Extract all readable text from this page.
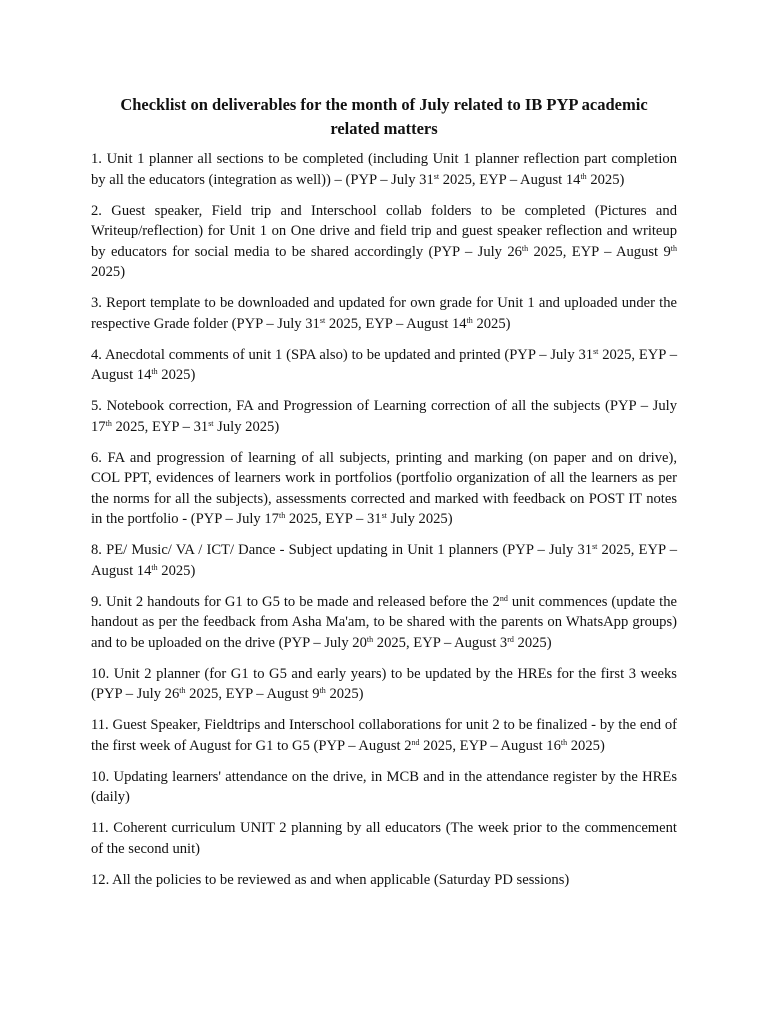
Checklist on deliverables for the month of July related to IB PYP academic
related matters

1. Unit 1 planner all sections to be completed (including Unit 1 planner reflection part completion by all the educators (integration as well)) – (PYP – July 31st 2025, EYP – August 14th 2025)

2. Guest speaker, Field trip and Interschool collab folders to be completed (Pictures and Writeup/reflection) for Unit 1 on One drive and field trip and guest speaker reflection and writeup by educators for social media to be shared accordingly (PYP – July 26th 2025, EYP – August 9th 2025)

3. Report template to be downloaded and updated for own grade for Unit 1 and uploaded under the respective Grade folder (PYP – July 31st 2025, EYP – August 14th 2025)

4. Anecdotal comments of unit 1 (SPA also) to be updated and printed (PYP – July 31st 2025, EYP – August 14th 2025)

5. Notebook correction, FA and Progression of Learning correction of all the subjects (PYP – July 17th 2025, EYP – 31st July 2025)

6. FA and progression of learning of all subjects, printing and marking (on paper and on drive), COL PPT, evidences of learners work in portfolios (portfolio organization of all the learners as per the norms for all the subjects), assessments corrected and marked with feedback on POST IT notes in the portfolio - (PYP – July 17th 2025, EYP – 31st July 2025)

8. PE/ Music/ VA / ICT/ Dance - Subject updating in Unit 1 planners (PYP – July 31st 2025, EYP – August 14th 2025)

9. Unit 2 handouts for G1 to G5 to be made and released before the 2nd unit commences (update the handout as per the feedback from Asha Ma'am, to be shared with the parents on WhatsApp groups) and to be uploaded on the drive (PYP – July 20th 2025, EYP – August 3rd 2025)

10. Unit 2 planner (for G1 to G5 and early years) to be updated by the HREs for the first 3 weeks (PYP – July 26th 2025, EYP – August 9th 2025)

11. Guest Speaker, Fieldtrips and Interschool collaborations for unit 2 to be finalized - by the end of the first week of August for G1 to G5 (PYP – August 2nd 2025, EYP – August 16th 2025)

10. Updating learners' attendance on the drive, in MCB and in the attendance register by the HREs (daily)

11. Coherent curriculum UNIT 2 planning by all educators (The week prior to the commencement of the second unit)

12. All the policies to be reviewed as and when applicable (Saturday PD sessions)
